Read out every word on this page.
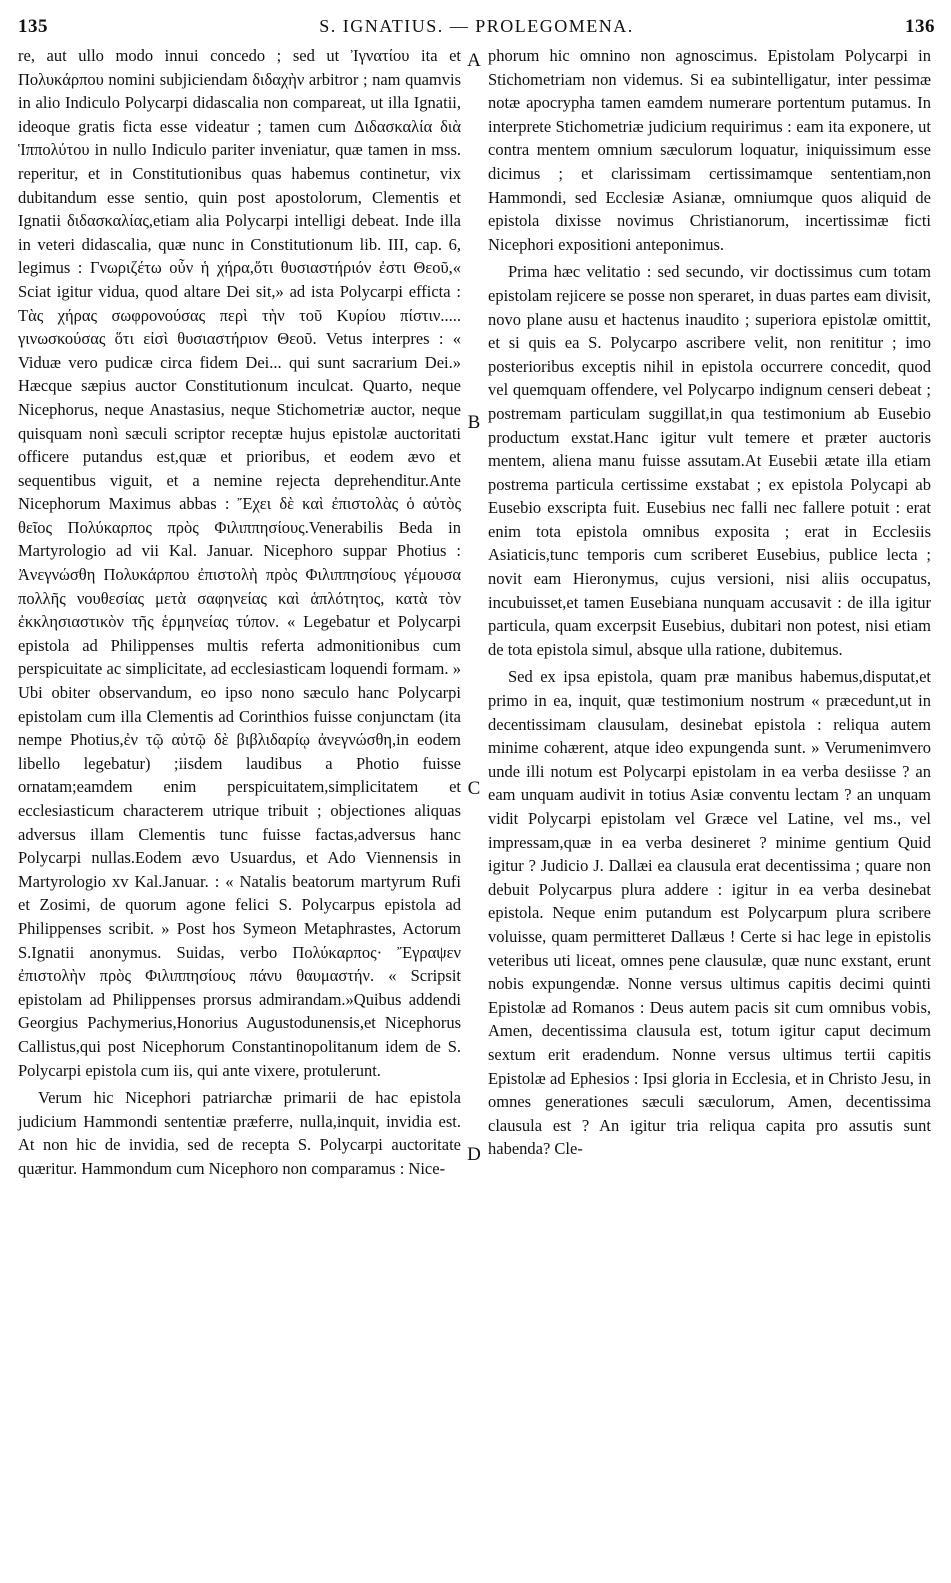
135	S. IGNATIUS. — PROLEGOMENA.	136

re, aut ullo modo innui concedo ; sed ut Ἰγνατίου ita et Πολυκάρπου nomini subjiciendam διδαχὴν arbitror ; nam quamvis in alio Indiculo Polycarpi didascalia non compareat, ut illa Ignatii, ideoque gratis ficta esse videatur ; tamen cum Διδασκαλία διὰ Ἱππολύτου in nullo Indiculo pariter inveniatur, quæ tamen in mss. reperitur, et in Constitutionibus quas habemus continetur, vix dubitandum esse sentio, quin post apostolorum, Clementis et Ignatii διδασκαλίας,etiam alia Polycarpi intelligi debeat. Inde illa in veteri didascalia, quæ nunc in Constitutionum lib. III, cap. 6, legimus : Γνωριζέτω οὖν ἡ χήρα,ὅτι θυσιαστήριόν ἐστι Θεοῦ,« Sciat igitur vidua, quod altare Dei sit,» ad ista Polycarpi efficta : Τὰς χήρας σωφρονούσας περὶ τὴν τοῦ Κυρίου πίστιν..... γινωσκούσας ὅτι εἰσὶ θυσιαστήριον Θεοῦ. Vetus interpres : « Viduæ vero pudicæ circa fidem Dei... qui sunt sacrarium Dei.» Hæcque sæpius auctor Constitutionum inculcat. Quarto, neque Nicephorus, neque Anastasius, neque Stichometriæ auctor, neque quisquam nonì sæculi scriptor receptæ hujus epistolæ auctoritati officere putandus est,quæ et prioribus, et eodem ævo et sequentibus viguit, et a nemine rejecta deprehenditur.Ante Nicephorum Maximus abbas : Ἔχει δὲ καὶ ἐπιστολὰς ὁ αὐτὸς θεῖος Πολύκαρπος πρὸς Φιλιππησίους.Venerabilis Beda in Martyrologio ad vii Kal. Januar. Nicephoro suppar Photius : Ἀνεγνώσθη Πολυκάρπου ἐπιστολὴ πρὸς Φιλιππησίους γέμουσα πολλῆς νουθεσίας μετὰ σαφηνείας καὶ ἁπλότητος, κατὰ τὸν ἐκκλησιαστικὸν τῆς ἑρμηνείας τύπον. « Legebatur et Polycarpi epistola ad Philippenses multis referta admonitionibus cum perspicuitate ac simplicitate, ad ecclesiasticam loquendi formam. » Ubi obiter observandum, eo ipso nono sæculo hanc Polycarpi epistolam cum illa Clementis ad Corinthios fuisse conjunctam (ita nempe Photius,ἐν τῷ αὐτῷ δὲ βιβλιδαρίῳ ἀνεγνώσθη,in eodem libello legebatur) ;iisdem laudibus a Photio fuisse ornatam;eamdem enim perspicuitatem,simplicitatem et ecclesiasticum characterem utrique tribuit ; objectiones aliquas adversus illam Clementis tunc fuisse factas,adversus hanc Polycarpi nullas.Eodem ævo Usuardus, et Ado Viennensis in Martyrologio xv Kal.Januar. : « Natalis beatorum martyrum Rufi et Zosimi, de quorum agone felici S. Polycarpus epistola ad Philippenses scribit. » Post hos Symeon Metaphrastes, Actorum S.Ignatii anonymus. Suidas, verbo Πολύκαρπος· Ἔγραψεν ἐπιστολὴν πρὸς Φιλιππησίους πάνυ θαυμαστήν. « Scripsit epistolam ad Philippenses prorsus admirandam.»Quibus addendi Georgius Pachymerius,Honorius Augustodunensis,et Nicephorus Callistus,qui post Nicephorum Constantinopolitanum idem de S. Polycarpi epistola cum iis, qui ante vixere, protulerunt.

Verum hic Nicephori patriarchæ primarii de hac epistola judicium Hammondi sententiæ præferre, nulla,inquit, invidia est. At non hic de invidia, sed de recepta S. Polycarpi auctoritate quæritur. Hammondum cum Nicephoro non comparamus : Nice-

A
B
C
D

phorum hic omnino non agnoscimus. Epistolam Polycarpi in Stichometriam non videmus. Si ea subintelligatur, inter pessimæ notæ apocrypha tamen eamdem numerare portentum putamus. In interprete Stichometriæ judicium requirimus : eam ita exponere, ut contra mentem omnium sæculorum loquatur, iniquissimum esse dicimus ; et clarissimam certissimamque sententiam,non Hammondi, sed Ecclesiæ Asianæ, omniumque quos aliquid de epistola dixisse novimus Christianorum, incertissimæ ficti Nicephori expositioni anteponimus.

Prima hæc velitatio : sed secundo, vir doctissimus cum totam epistolam rejicere se posse non speraret, in duas partes eam divisit, novo plane ausu et hactenus inaudito ; superiora epistolæ omittit, et si quis ea S. Polycarpo ascribere velit, non renititur ; imo posterioribus exceptis nihil in epistola occurrere concedit, quod vel quemquam offendere, vel Polycarpo indignum censeri debeat ; postremam particulam suggillat,in qua testimonium ab Eusebio productum exstat.Hanc igitur vult temere et præter auctoris mentem, aliena manu fuisse assutam.At Eusebii ætate illa etiam postrema particula certissime exstabat ; ex epistola Polycapi ab Eusebio exscripta fuit. Eusebius nec falli nec fallere potuit : erat enim tota epistola omnibus exposita ; erat in Ecclesiis Asiaticis,tunc temporis cum scriberet Eusebius, publice lecta ; novit eam Hieronymus, cujus versioni, nisi aliis occupatus, incubuisset,et tamen Eusebiana nunquam accusavit : de illa igitur particula, quam excerpsit Eusebius, dubitari non potest, nisi etiam de tota epistola simul, absque ulla ratione, dubitemus.

Sed ex ipsa epistola, quam præ manibus habemus,disputat,et primo in ea, inquit, quæ testimonium nostrum « præcedunt,ut in decentissimam clausulam, desinebat epistola : reliqua autem minime cohærent, atque ideo expungenda sunt. » Verumenimvero unde illi notum est Polycarpi epistolam in ea verba desiisse ? an eam unquam audivit in totius Asiæ conventu lectam ? an unquam vidit Polycarpi epistolam vel Græce vel Latine, vel ms., vel impressam,quæ in ea verba desineret ? minime gentium Quid igitur ? Judicio J. Dallæi ea clausula erat decentissima ; quare non debuit Polycarpus plura addere : igitur in ea verba desinebat epistola. Neque enim putandum est Polycarpum plura scribere voluisse, quam permitteret Dallæus ! Certe si hac lege in epistolis veteribus uti liceat, omnes pene clausulæ, quæ nunc exstant, erunt nobis expungendæ. Nonne versus ultimus capitis decimi quinti Epistolæ ad Romanos : Deus autem pacis sit cum omnibus vobis, Amen, decentissima clausula est, totum igitur caput decimum sextum erit eradendum. Nonne versus ultimus tertii capitis Epistolæ ad Ephesios : Ipsi gloria in Ecclesia, et in Christo Jesu, in omnes generationes sæculi sæculorum, Amen, decentissima clausula est ? An igitur tria reliqua capita pro assutis sunt habenda? Cle-
